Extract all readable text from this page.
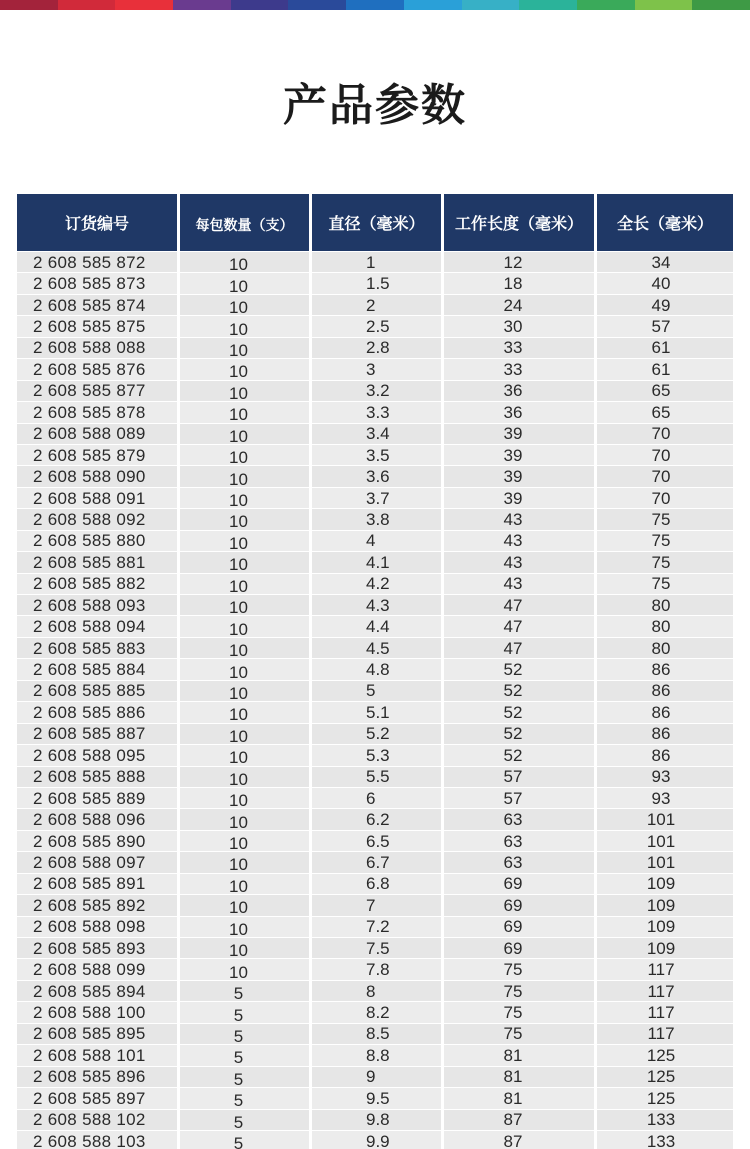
产品参数
订货编号	每包数量（支）	直径（毫米）	工作长度（毫米）	全长（毫米）
2 608 585 872	10	1	12	34
2 608 585 873	10	1.5	18	40
2 608 585 874	10	2	24	49
2 608 585 875	10	2.5	30	57
2 608 588 088	10	2.8	33	61
2 608 585 876	10	3	33	61
2 608 585 877	10	3.2	36	65
2 608 585 878	10	3.3	36	65
2 608 588 089	10	3.4	39	70
2 608 585 879	10	3.5	39	70
2 608 588 090	10	3.6	39	70
2 608 588 091	10	3.7	39	70
2 608 588 092	10	3.8	43	75
2 608 585 880	10	4	43	75
2 608 585 881	10	4.1	43	75
2 608 585 882	10	4.2	43	75
2 608 588 093	10	4.3	47	80
2 608 588 094	10	4.4	47	80
2 608 585 883	10	4.5	47	80
2 608 585 884	10	4.8	52	86
2 608 585 885	10	5	52	86
2 608 585 886	10	5.1	52	86
2 608 585 887	10	5.2	52	86
2 608 588 095	10	5.3	52	86
2 608 585 888	10	5.5	57	93
2 608 585 889	10	6	57	93
2 608 588 096	10	6.2	63	101
2 608 585 890	10	6.5	63	101
2 608 588 097	10	6.7	63	101
2 608 585 891	10	6.8	69	109
2 608 585 892	10	7	69	109
2 608 588 098	10	7.2	69	109
2 608 585 893	10	7.5	69	109
2 608 588 099	10	7.8	75	117
2 608 585 894	5	8	75	117
2 608 588 100	5	8.2	75	117
2 608 585 895	5	8.5	75	117
2 608 588 101	5	8.8	81	125
2 608 585 896	5	9	81	125
2 608 585 897	5	9.5	81	125
2 608 588 102	5	9.8	87	133
2 608 588 103	5	9.9	87	133
